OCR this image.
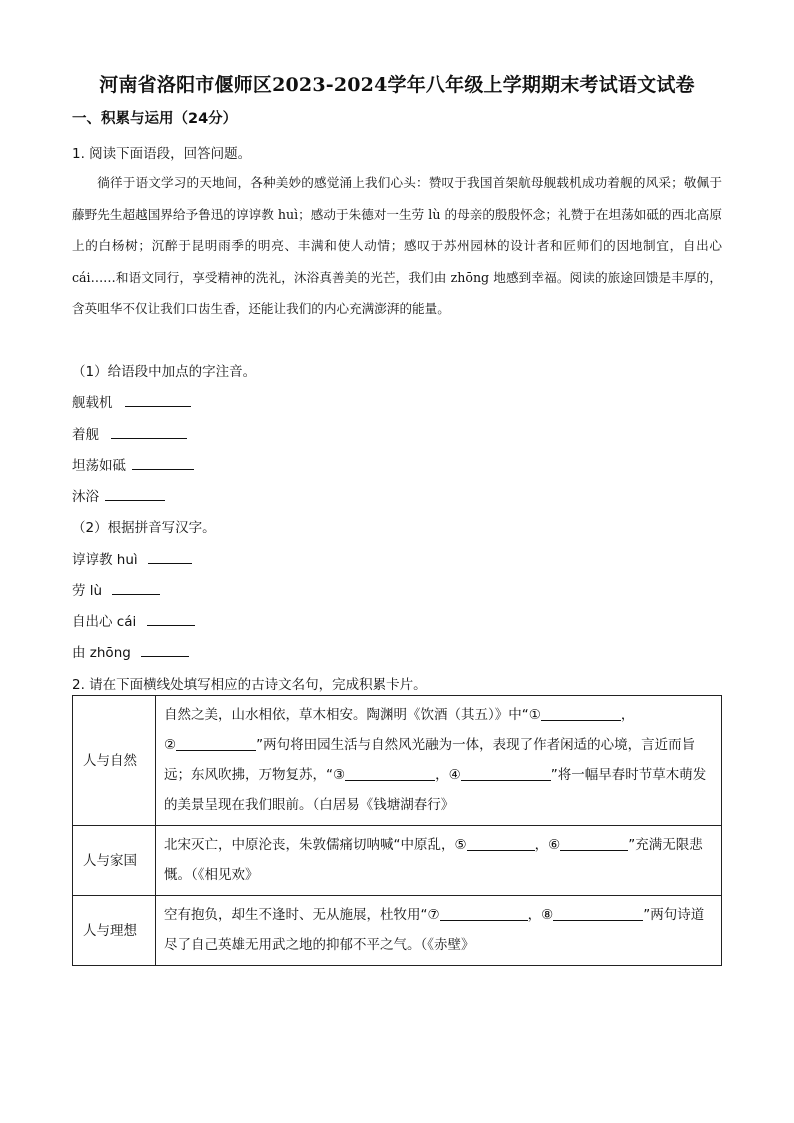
河南省洛阳市偃师区2023-2024学年八年级上学期期末考试语文试卷
一、积累与运用（24分）
1. 阅读下面语段，回答问题。

徜徉于语文学习的天地间，各种美妙的感觉涌上我们心头：赞叹于我国首架航母舰载机成功着舰的风采；敬佩于藤野先生超越国界给予鲁迅的谆谆教 huì；感动于朱德对一生劳 lù 的母亲的殷殷怀念；礼赞于在坦荡如砥的西北高原上的白杨树；沉醉于昆明雨季的明亮、丰满和使人动情；感叹于苏州园林的设计者和匠师们的因地制宜，自出心 cái……和语文同行，享受精神的洗礼，沐浴真善美的光芒，我们由 zhōng 地感到幸福。阅读的旅途回馈是丰厚的，含英咀华不仅让我们口齿生香，还能让我们的内心充满澎湃的能量。

（1）给语段中加点的字注音。
舰载机
着舰
坦荡如砥
沐浴
（2）根据拼音写汉字。
谆谆教 huì
劳 lù
自出心 cái
由 zhōng
2. 请在下面横线处填写相应的古诗文名句，完成积累卡片。
人与自然	自然之美，山水相依，草木相安。陶渊明《饮酒（其五）》中“① ，
② ”两句将田园生活与自然风光融为一体，表现了作者闲适的心境，言近而旨远；东风吹拂，万物复苏，“③ ，④ ”将一幅早春时节草木萌发的美景呈现在我们眼前。（白居易《钱塘湖春行》
人与家国	北宋灭亡，中原沦丧，朱敦儒痛切呐喊“中原乱，⑤ ，⑥ ”充满无限悲慨。（《相见欢》
人与理想	空有抱负，却生不逢时、无从施展，杜牧用“⑦ ，⑧ ”两句诗道尽了自己英雄无用武之地的抑郁不平之气。（《赤壁》
